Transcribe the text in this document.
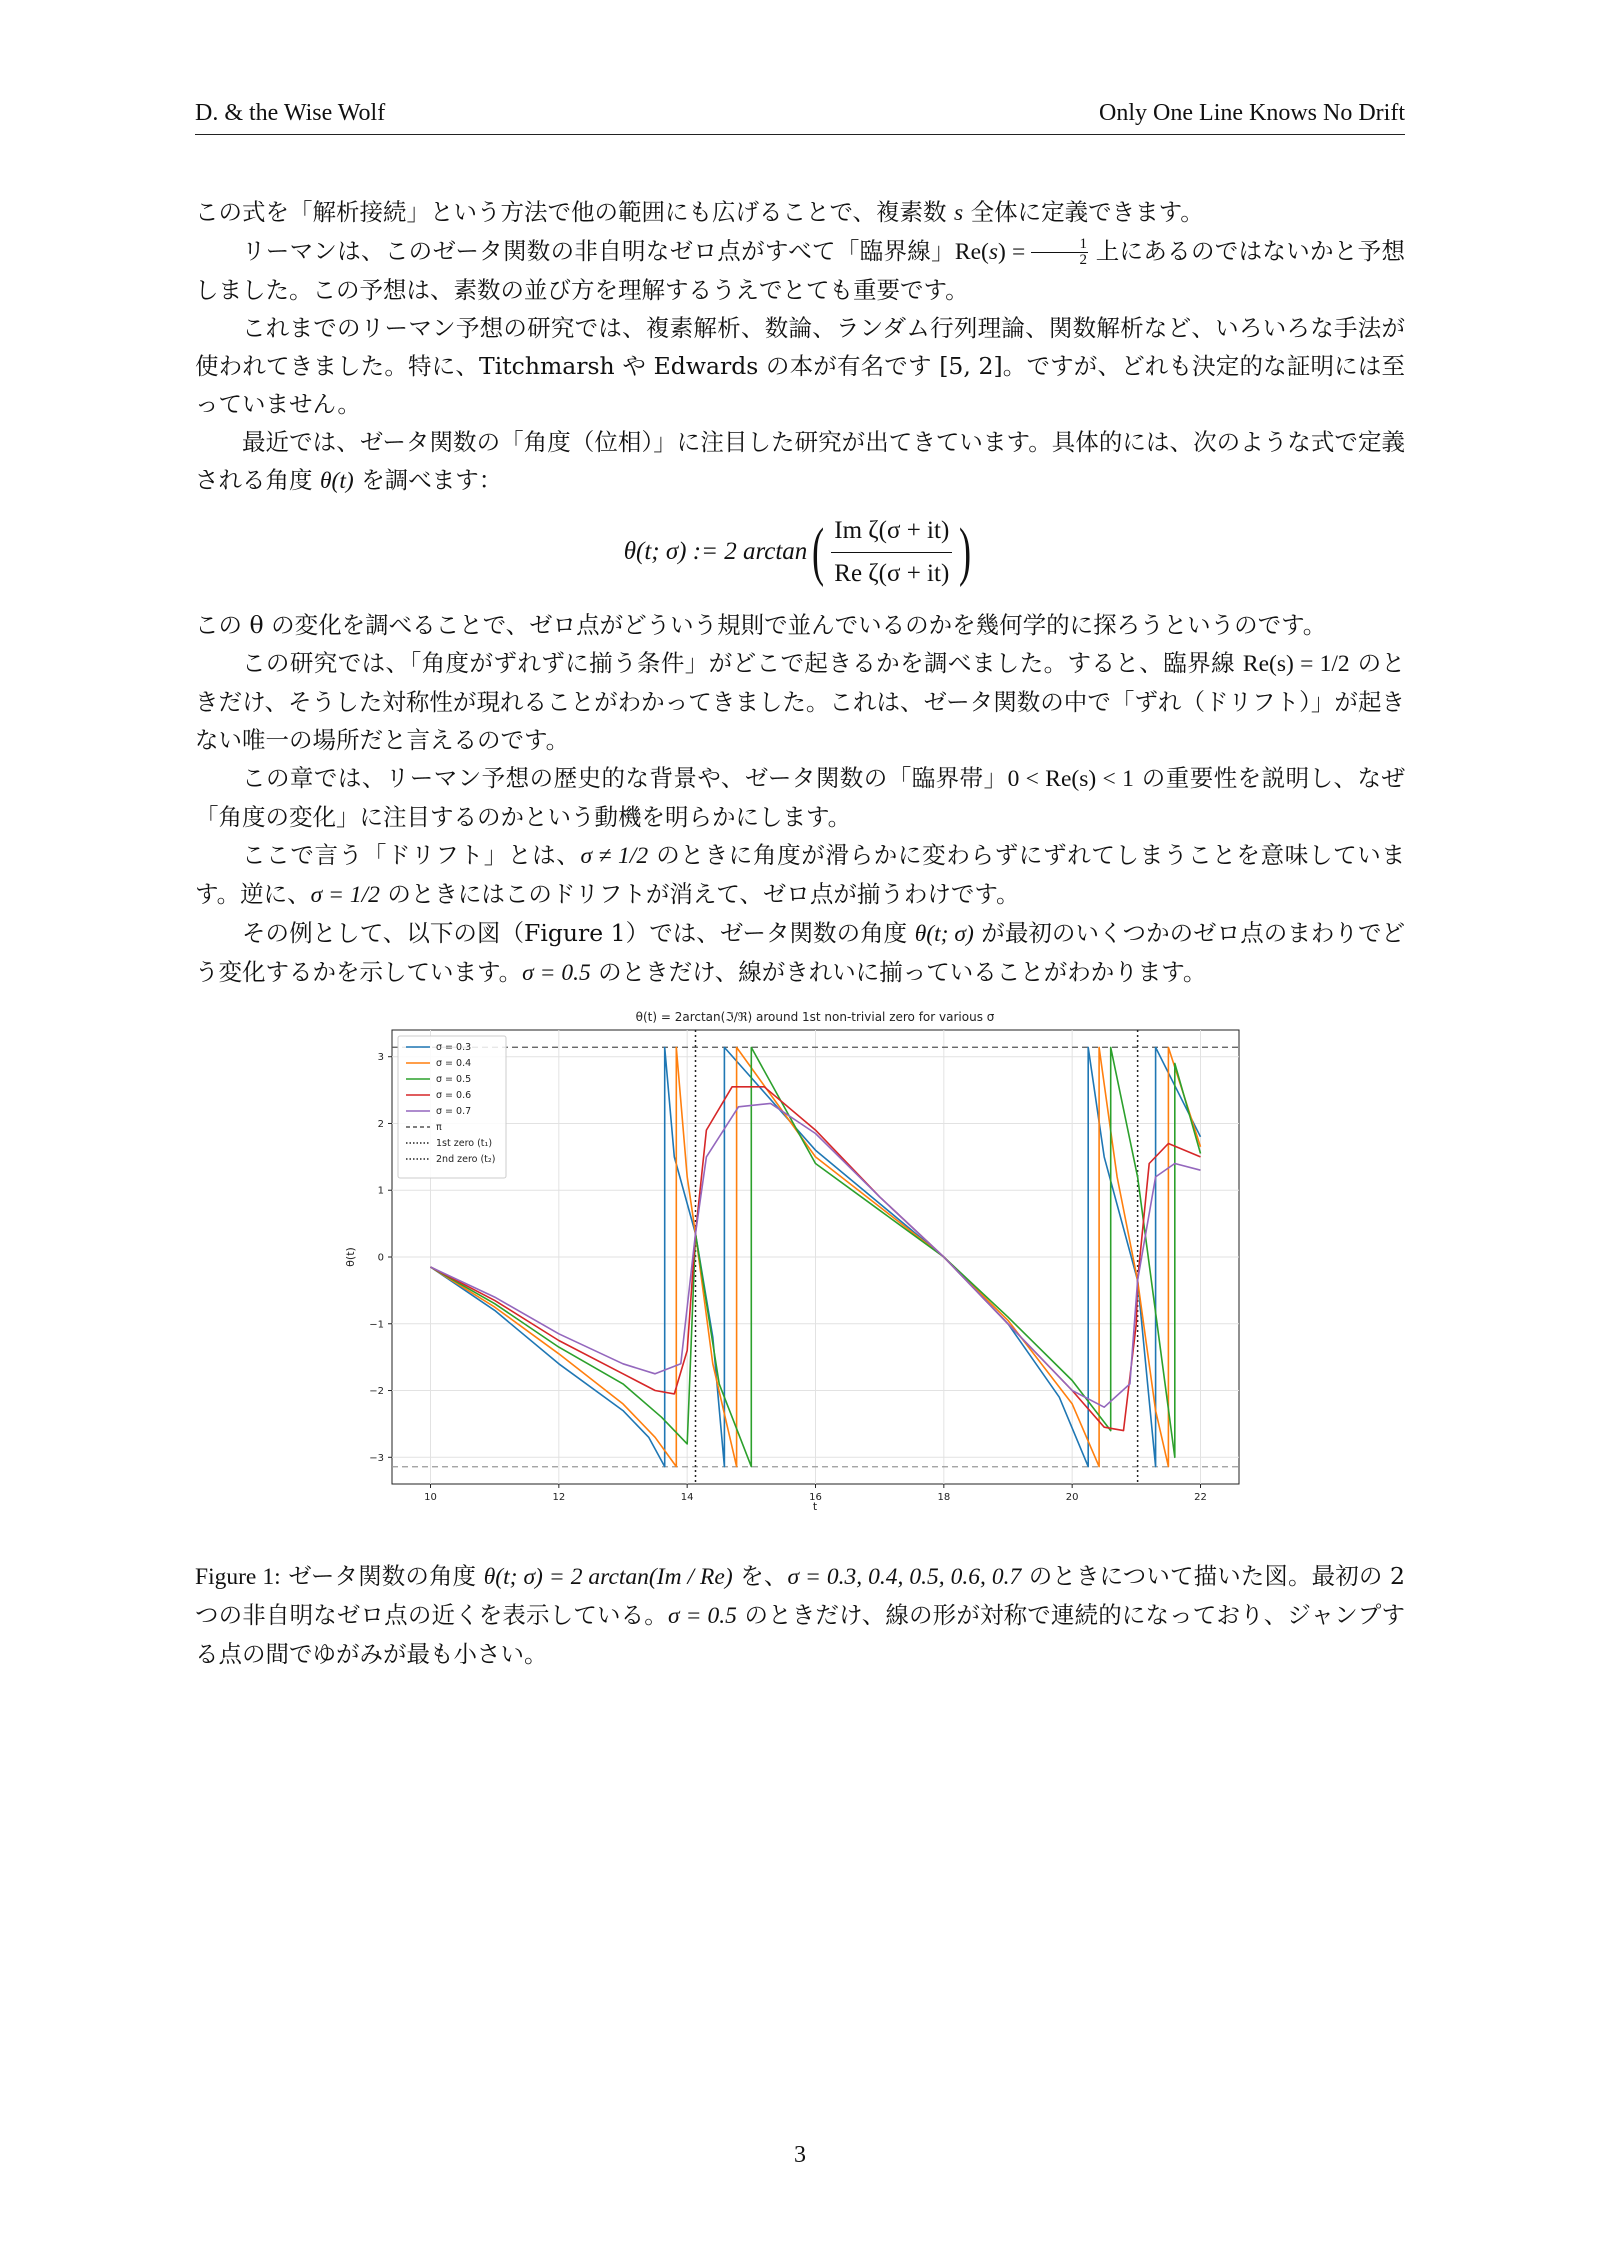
D. & the Wise Wolf	Only One Line Knows No Drift

この式を「解析接続」という方法で他の範囲にも広げることで、複素数 s 全体に定義できます。

リーマンは、このゼータ関数の非自明なゼロ点がすべて「臨界線」$Re(s) = \frac{1}{2}$ 上にあるのではないかと予想しました。この予想は、素数の並び方を理解するうえでとても重要です。

これまでのリーマン予想の研究では、複素解析、数論、ランダム行列理論、関数解析など、いろいろな手法が使われてきました。特に、Titchmarsh や Edwards の本が有名です [5, 2]。ですが、どれも決定的な証明には至っていません。

最近では、ゼータ関数の「角度（位相）」に注目した研究が出てきています。具体的には、次のような式で定義される角度 θ(t) を調べます：

θ(t; σ) := 2 arctan ( $\frac{\text{Im ζ(σ + it)}}{\text{Re ζ(σ + it)}}$ )

この θ の変化を調べることで、ゼロ点がどういう規則で並んでいるのかを幾何学的に探ろうというのです。

この研究では、「角度がずれずに揃う条件」がどこで起きるかを調べました。すると、臨界線 Re(s) = 1/2 のときだけ、そうした対称性が現れることがわかってきました。これは、ゼータ関数の中で「ずれ（ドリフト）」が起きない唯一の場所だと言えるのです。

この章では、リーマン予想の歴史的な背景や、ゼータ関数の「臨界帯」0 < Re(s) < 1 の重要性を説明し、なぜ「角度の変化」に注目するのかという動機を明らかにします。

ここで言う「ドリフト」とは、σ ≠ 1/2 のときに角度が滑らかに変わらずにずれてしまうことを意味しています。逆に、σ = 1/2 のときにはこのドリフトが消えて、ゼロ点が揃うわけです。

その例として、以下の図（Figure 1）では、ゼータ関数の角度 θ(t; σ) が最初のいくつかのゼロ点のまわりでどう変化するかを示しています。σ = 0.5 のときだけ、線がきれいに揃っていることがわかります。

θ(t) = 2arctan(ℑ/ℜ) around 1st non-trivial zero for various σ
10	12	14	16	18	20	22
3
2
1
0
−1
−2
−3
t
θ(t)
σ = 0.3
σ = 0.4
σ = 0.5
σ = 0.6
σ = 0.7
π
1st zero (t₁)
2nd zero (t₂)
Figure 1: ゼータ関数の角度 θ(t; σ) = 2 arctan(Im / Re) を、σ = 0.3, 0.4, 0.5, 0.6, 0.7 のときについて描いた図。最初の 2 つの非自明なゼロ点の近くを表示している。σ = 0.5 のときだけ、線の形が対称で連続的になっており、ジャンプする点の間でゆがみが最も小さい。
3
